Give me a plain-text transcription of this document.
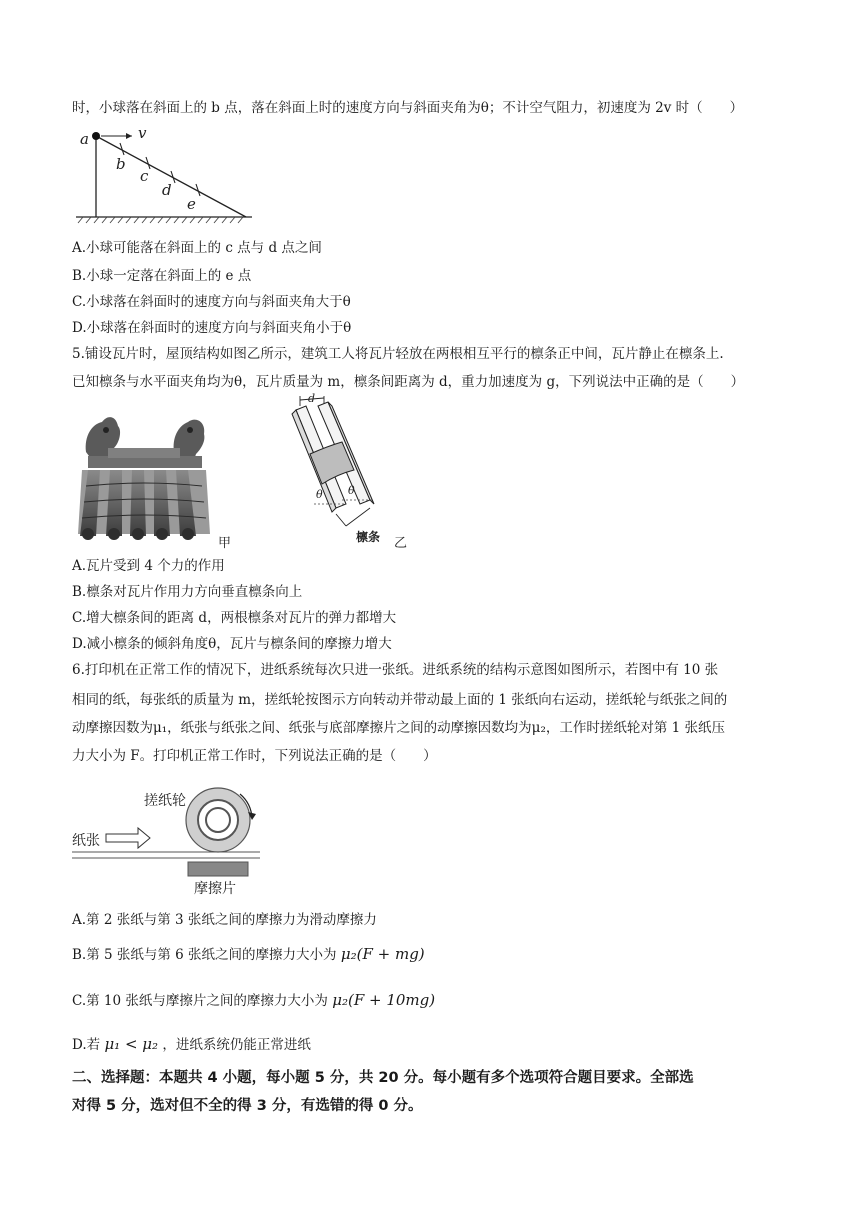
时，小球落在斜面上的 b 点，落在斜面上时的速度方向与斜面夹角为θ；不计空气阻力，初速度为 2v 时（　　）
a	v
b
c
d
e
A.小球可能落在斜面上的 c 点与 d 点之间
B.小球一定落在斜面上的 e 点
C.小球落在斜面时的速度方向与斜面夹角大于θ
D.小球落在斜面时的速度方向与斜面夹角小于θ
5.铺设瓦片时，屋顶结构如图乙所示，建筑工人将瓦片轻放在两根相互平行的檩条正中间，瓦片静止在檩条上.
已知檩条与水平面夹角均为θ，瓦片质量为 m，檩条间距离为 d，重力加速度为 g，下列说法中正确的是（　　）
甲
d
θ θ
檩条 乙
A.瓦片受到 4 个力的作用
B.檩条对瓦片作用力方向垂直檩条向上
C.增大檩条间的距离 d，两根檩条对瓦片的弹力都增大
D.减小檩条的倾斜角度θ，瓦片与檩条间的摩擦力增大
6.打印机在正常工作的情况下，进纸系统每次只进一张纸。进纸系统的结构示意图如图所示，若图中有 10 张
相同的纸，每张纸的质量为 m，搓纸轮按图示方向转动并带动最上面的 1 张纸向右运动，搓纸轮与纸张之间的
动摩擦因数为μ₁，纸张与纸张之间、纸张与底部摩擦片之间的动摩擦因数均为μ₂，工作时搓纸轮对第 1 张纸压
力大小为 F。打印机正常工作时，下列说法正确的是（　　）
搓纸轮
纸张
摩擦片
A.第 2 张纸与第 3 张纸之间的摩擦力为滑动摩擦力
B.第 5 张纸与第 6 张纸之间的摩擦力大小为 μ₂(F + mg)
C.第 10 张纸与摩擦片之间的摩擦力大小为 μ₂(F + 10mg)
D.若 μ₁ < μ₂ ，进纸系统仍能正常进纸
二、选择题：本题共 4 小题，每小题 5 分，共 20 分。每小题有多个选项符合题目要求。全部选
对得 5 分，选对但不全的得 3 分，有选错的得 0 分。
